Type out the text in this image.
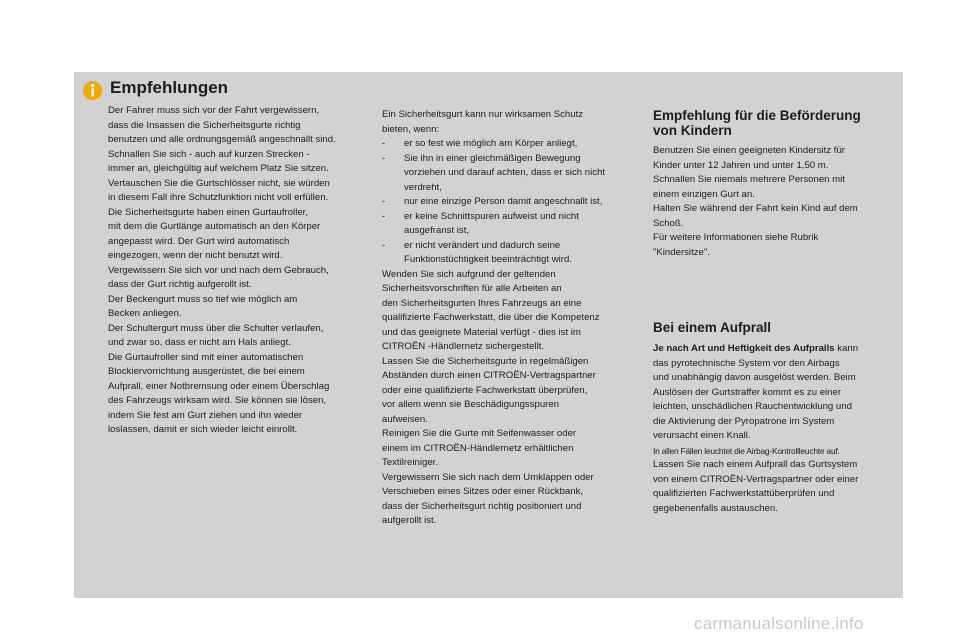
Empfehlungen

Der Fahrer muss sich vor der Fahrt vergewissern,

dass die Insassen die Sicherheitsgurte richtig

benutzen und alle ordnungsgemäß angeschnallt sind.

Schnallen Sie sich - auch auf kurzen Strecken -

immer an, gleichgültig auf welchem Platz Sie sitzen.

Vertauschen Sie die Gurtschlösser nicht, sie würden

in diesem Fall ihre Schutzfunktion nicht voll erfüllen.

Die Sicherheitsgurte haben einen Gurtaufroller,

mit dem die Gurtlänge automatisch an den Körper

angepasst wird. Der Gurt wird automatisch

eingezogen, wenn der nicht benutzt wird.

Vergewissern Sie sich vor und nach dem Gebrauch,

dass der Gurt richtig aufgerollt ist.

Der Beckengurt muss so tief wie möglich am

Becken anliegen.

Der Schultergurt muss über die Schulter verlaufen,

und zwar so, dass er nicht am Hals anliegt.

Die Gurtaufroller sind mit einer automatischen

Blockiervorrichtung ausgerüstet, die bei einem

Aufprall, einer Notbremsung oder einem Überschlag

des Fahrzeugs wirksam wird. Sie können sie lösen,

indem Sie fest am Gurt ziehen und ihn wieder

loslassen, damit er sich wieder leicht einrollt.

Ein Sicherheitsgurt kann nur wirksamen Schutz

bieten, wenn:

- er so fest wie möglich am Körper anliegt,
- Sie ihn in einer gleichmäßigen Bewegung
vorziehen und darauf achten, dass er sich nicht
verdreht,
- nur eine einzige Person damit angeschnallt ist,
- er keine Schnittspuren aufweist und nicht
ausgefranst ist,
- er nicht verändert und dadurch seine
Funktionstüchtigkeit beeinträchtigt wird.

Wenden Sie sich aufgrund der geltenden

Sicherheitsvorschriften für alle Arbeiten an

den Sicherheitsgurten Ihres Fahrzeugs an eine

qualifizierte Fachwerkstatt, die über die Kompetenz

und das geeignete Material verfügt - dies ist im

CITROËN -Händlernetz sichergestellt.

Lassen Sie die Sicherheitsgurte in regelmäßigen

Abständen durch einen CITROËN-Vertragspartner

oder eine qualifizierte Fachwerkstatt überprüfen,

vor allem wenn sie Beschädigungsspuren

aufweisen.

Reinigen Sie die Gurte mit Seifenwasser oder

einem im CITROËN-Händlernetz erhältlichen

Textilreiniger.

Vergewissern Sie sich nach dem Umklappen oder

Verschieben eines Sitzes oder einer Rückbank,

dass der Sicherheitsgurt richtig positioniert und

aufgerollt ist.

Empfehlung für die Beförderung
von Kindern

Benutzen Sie einen geeigneten Kindersitz für

Kinder unter 12 Jahren und unter 1,50 m.

Schnallen Sie niemals mehrere Personen mit

einem einzigen Gurt an.

Halten Sie während der Fahrt kein Kind auf dem

Schoß.

Für weitere Informationen siehe Rubrik

"Kindersitze".

Bei einem Aufprall

Je nach Art und Heftigkeit des Aufpralls kann

das pyrotechnische System vor den Airbags

und unabhängig davon ausgelöst werden. Beim

Auslösen der Gurtstraffer kommt es zu einer

leichten, unschädlichen Rauchentwicklung und

die Aktivierung der Pyropatrone im System

verursacht einen Knall.

In allen Fällen leuchtet die Airbag-Kontrollleuchte auf.

Lassen Sie nach einem Aufprall das Gurtsystem

von einem CITROËN-Vertragspartner oder einer

qualifizierten Fachwerkstattüberprüfen und

gegebenenfalls austauschen.

carmanualsonline.info
